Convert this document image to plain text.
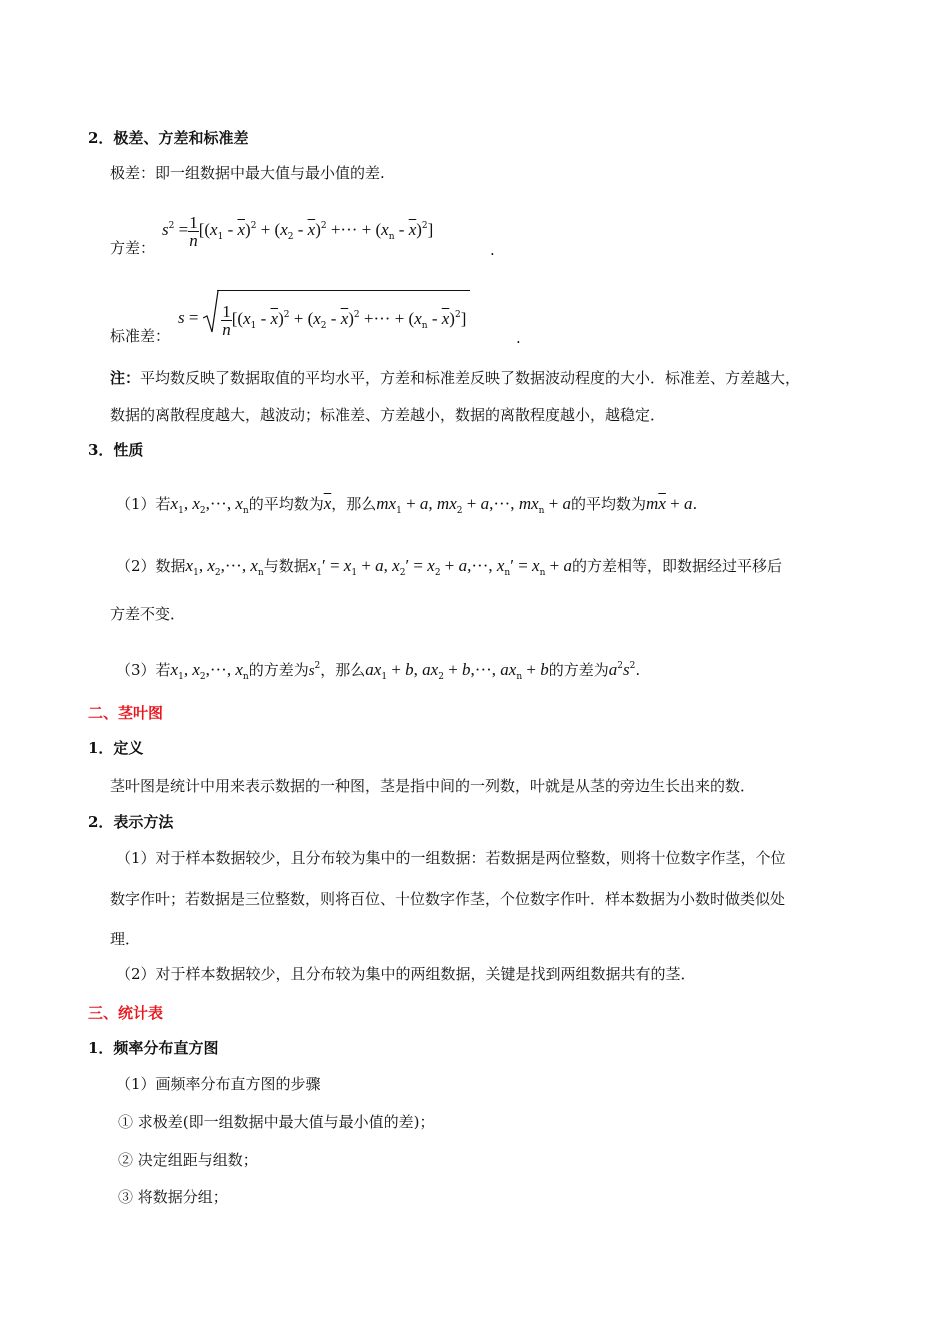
2．极差、方差和标准差
极差：即一组数据中最大值与最小值的差.
方差：
$s^2 = \frac{1}{n} [(x_1 - \overline{x})^2 + (x_2 - \overline{x})^2$ +··· + $(x_n - \overline{x})^2$]
.
标准差：
$s = \frac{1}{n} [(x_1 - \overline{x})^2 + (x_2 - \overline{x})^2$ +··· + $(x_n - \overline{x})^2$]
.
注：平均数反映了数据取值的平均水平，方差和标准差反映了数据波动程度的大小．标准差、方差越大，
数据的离散程度越大，越波动；标准差、方差越小，数据的离散程度越小，越稳定．
3．性质
（1）若$x_1$, $x_2,\cdot\cdot\cdot$, $x_n$的平均数为$\overline{x}$，那么$mx_1 + a$, $mx_2 + a,\cdot\cdot\cdot$, $mx_n + a$的平均数为$m\overline{x} + a$.
（2）数据$x_1$, $x_2,\cdot\cdot\cdot$, $x_n$与数据$x_1' = x_1 + a$, $x_2' = x_2 + a,\cdot\cdot\cdot$, $x_n' = x_n + a$的方差相等，即数据经过平移后
方差不变．
（3）若$x_1$, $x_2,\cdot\cdot\cdot$, $x_n$的方差为$s^2$，那么$ax_1 + b$, $ax_2 + b,\cdot\cdot\cdot$, $ax_n + b$的方差为$a^2s^2$.
二、茎叶图
1．定义
茎叶图是统计中用来表示数据的一种图，茎是指中间的一列数，叶就是从茎的旁边生长出来的数．
2．表示方法
（1）对于样本数据较少，且分布较为集中的一组数据：若数据是两位整数，则将十位数字作茎，个位
数字作叶；若数据是三位整数，则将百位、十位数字作茎，个位数字作叶．样本数据为小数时做类似处
理．
（2）对于样本数据较少，且分布较为集中的两组数据，关键是找到两组数据共有的茎．
三、统计表
1．频率分布直方图
（1）画频率分布直方图的步骤
① 求极差(即一组数据中最大值与最小值的差)；
② 决定组距与组数；
③ 将数据分组；
